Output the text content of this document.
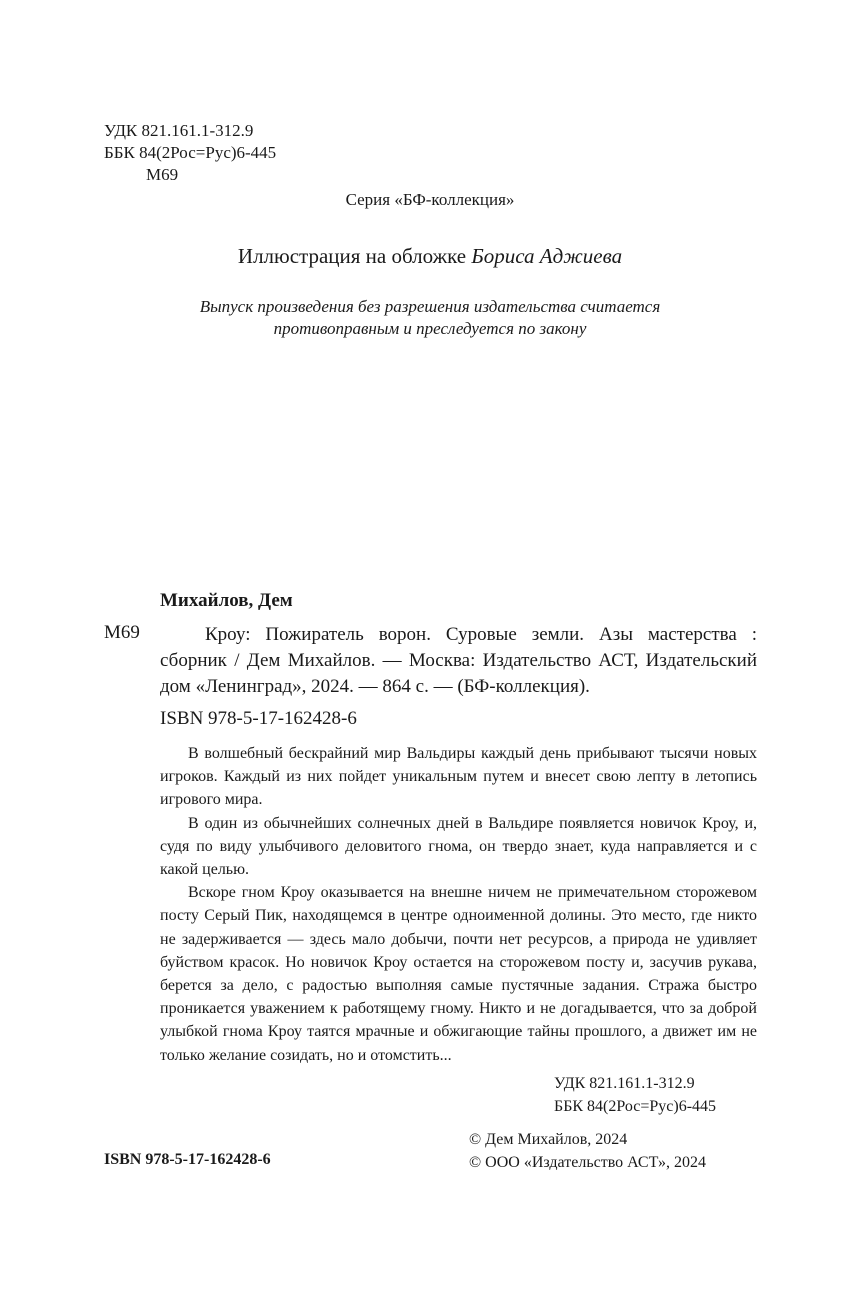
УДК 821.161.1-312.9
ББК 84(2Рос=Рус)6-445
М69
Серия «БФ-коллекция»
Иллюстрация на обложке Бориса Аджиева
Выпуск произведения без разрешения издательства считается
противоправным и преследуется по закону
Михайлов, Дем
М69	Кроу: Пожиратель ворон. Суровые земли. Азы мастерства : сборник / Дем Михайлов. — Москва: Издательство АСТ, Издательский дом «Ленинград», 2024. — 864 с. — (БФ-коллекция).
ISBN 978-5-17-162428-6

В волшебный бескрайний мир Вальдиры каждый день прибывают тысячи новых игроков. Каждый из них пойдет уникальным путем и внесет свою лепту в летопись игрового мира.

В один из обычнейших солнечных дней в Вальдире появляется новичок Кроу, и, судя по виду улыбчивого деловитого гнома, он твердо знает, куда направляется и с какой целью.

Вскоре гном Кроу оказывается на внешне ничем не примечательном сторожевом посту Серый Пик, находящемся в центре одноименной долины. Это место, где никто не задерживается — здесь мало добычи, почти нет ресурсов, а природа не удивляет буйством красок. Но новичок Кроу остается на сторожевом посту и, засучив рукава, берется за дело, с радостью выполняя самые пустячные задания. Стража быстро проникается уважением к работящему гному. Никто и не догадывается, что за доброй улыбкой гнома Кроу таятся мрачные и обжигающие тайны прошлого, а движет им не только желание созидать, но и отомстить...

УДК 821.161.1-312.9
ББК 84(2Рос=Рус)6-445
© Дем Михайлов, 2024
© ООО «Издательство АСТ», 2024
ISBN 978-5-17-162428-6
